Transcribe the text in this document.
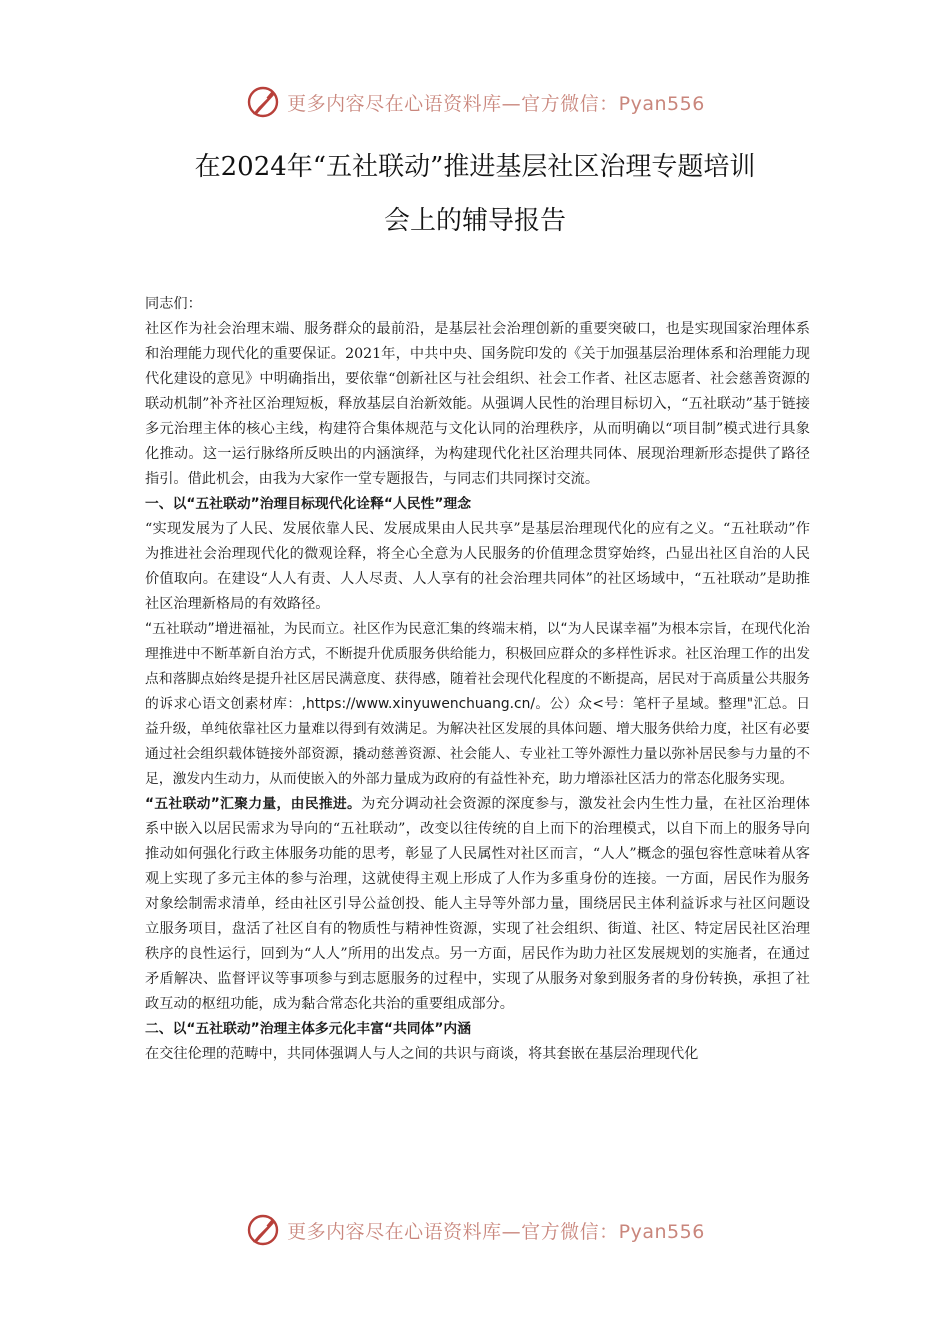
更多内容尽在心语资料库—官方微信：Pyan556
在2024年“五社联动”推进基层社区治理专题培训
会上的辅导报告

同志们：

社区作为社会治理末端、服务群众的最前沿，是基层社会治理创新的重要突破口，也是实现国家治理体系和治理能力现代化的重要保证。2021年，中共中央、国务院印发的《关于加强基层治理体系和治理能力现代化建设的意见》中明确指出，要依靠“创新社区与社会组织、社会工作者、社区志愿者、社会慈善资源的联动机制”补齐社区治理短板，释放基层自治新效能。从强调人民性的治理目标切入，“五社联动”基于链接多元治理主体的核心主线，构建符合集体规范与文化认同的治理秩序，从而明确以“项目制”模式进行具象化推动。这一运行脉络所反映出的内涵演绎，为构建现代化社区治理共同体、展现治理新形态提供了路径指引。借此机会，由我为大家作一堂专题报告，与同志们共同探讨交流。

一、以“五社联动”治理目标现代化诠释“人民性”理念

“实现发展为了人民、发展依靠人民、发展成果由人民共享”是基层治理现代化的应有之义。“五社联动”作为推进社会治理现代化的微观诠释，将全心全意为人民服务的价值理念贯穿始终，凸显出社区自治的人民价值取向。在建设“人人有责、人人尽责、人人享有的社会治理共同体”的社区场域中，“五社联动”是助推社区治理新格局的有效路径。

“五社联动”增进福祉，为民而立。社区作为民意汇集的终端末梢，以“为人民谋幸福”为根本宗旨，在现代化治理推进中不断革新自治方式，不断提升优质服务供给能力，积极回应群众的多样性诉求。社区治理工作的出发点和落脚点始终是提升社区居民满意度、获得感，随着社会现代化程度的不断提高，居民对于高质量公共服务的诉求心语文创素材库：,https://www.xinyuwenchuang.cn/。公）众<号：笔杆子星域。整理"汇总。日益升级，单纯依靠社区力量难以得到有效满足。为解决社区发展的具体问题、增大服务供给力度，社区有必要通过社会组织载体链接外部资源，撬动慈善资源、社会能人、专业社工等外源性力量以弥补居民参与力量的不足，激发内生动力，从而使嵌入的外部力量成为政府的有益性补充，助力增添社区活力的常态化服务实现。

“五社联动”汇聚力量，由民推进。为充分调动社会资源的深度参与，激发社会内生性力量，在社区治理体系中嵌入以居民需求为导向的“五社联动”，改变以往传统的自上而下的治理模式，以自下而上的服务导向推动如何强化行政主体服务功能的思考，彰显了人民属性对社区而言，“人人”概念的强包容性意味着从客观上实现了多元主体的参与治理，这就使得主观上形成了人作为多重身份的连接。一方面，居民作为服务对象绘制需求清单，经由社区引导公益创投、能人主导等外部力量，围绕居民主体利益诉求与社区问题设立服务项目，盘活了社区自有的物质性与精神性资源，实现了社会组织、街道、社区、特定居民社区治理秩序的良性运行，回到为“人人”所用的出发点。另一方面，居民作为助力社区发展规划的实施者，在通过矛盾解决、监督评议等事项参与到志愿服务的过程中，实现了从服务对象到服务者的身份转换，承担了社政互动的枢纽功能，成为黏合常态化共治的重要组成部分。

二、以“五社联动”治理主体多元化丰富“共同体”内涵

在交往伦理的范畴中，共同体强调人与人之间的共识与商谈，将其套嵌在基层治理现代化

更多内容尽在心语资料库—官方微信：Pyan556
